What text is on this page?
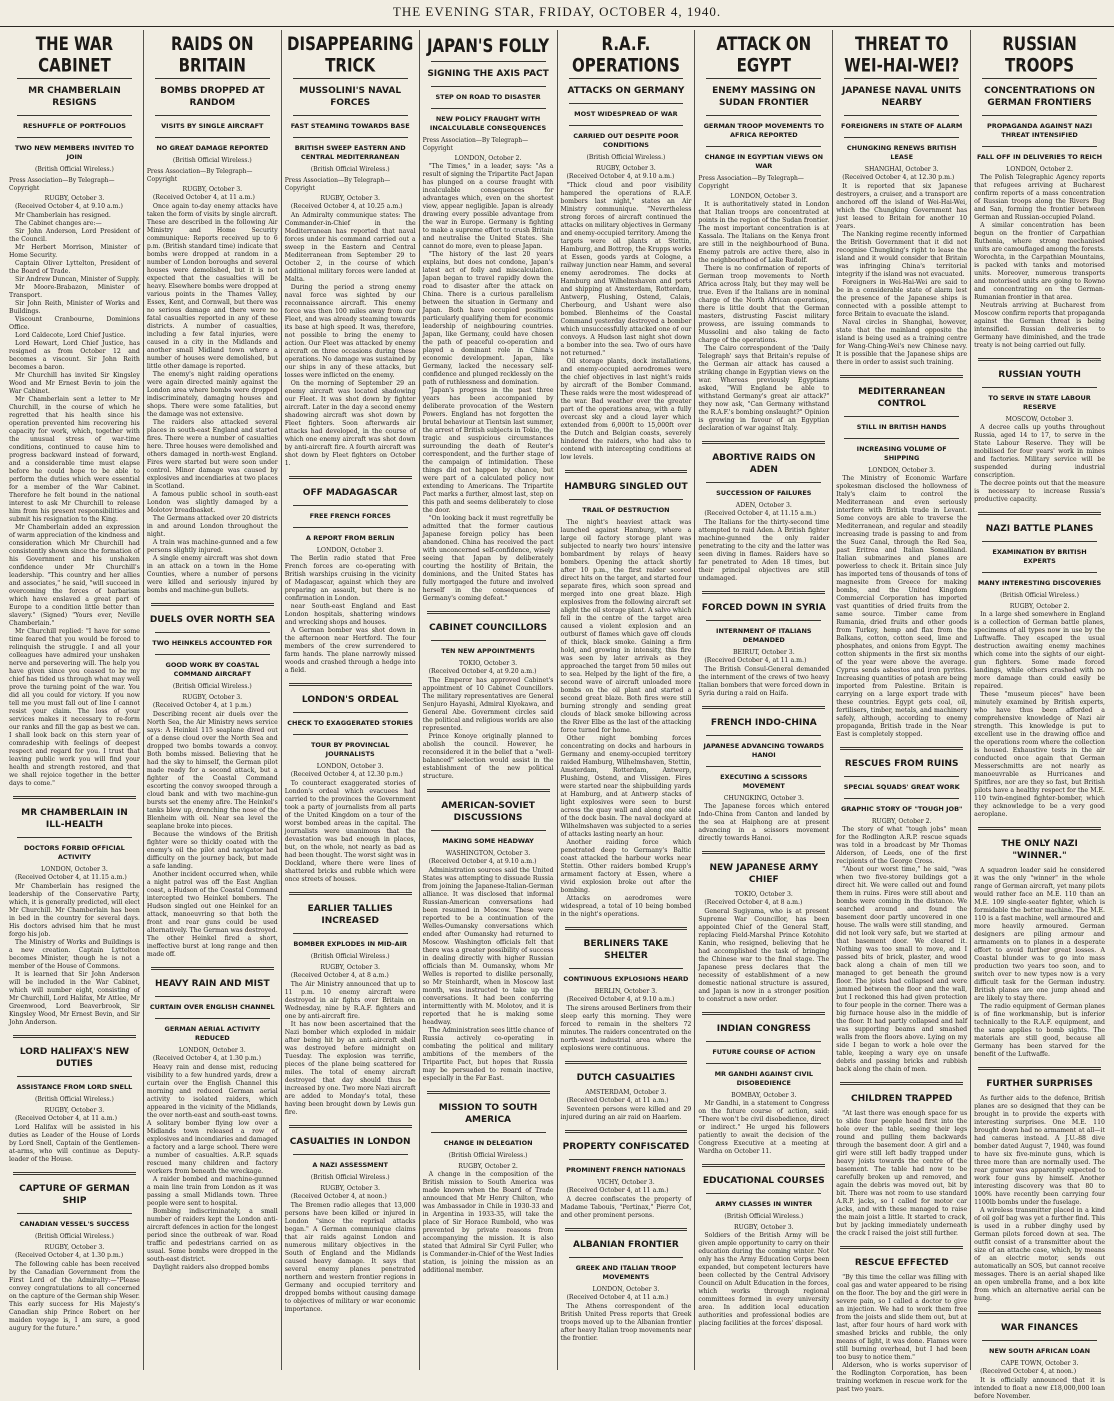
THE EVENING STAR, FRIDAY, OCTOBER 4, 1940.
THE WAR CABINET
MR CHAMBERLAIN RESIGNS
RESHUFFLE OF PORTFOLIOS
TWO NEW MEMBERS INVITED TO JOIN
(British Official Wireless.)
Press Association—By Telegraph—Copyright
RUGBY, October 3.
(Received October 4, at 9.10 a.m.)

Mr Chamberlain has resigned.

The Cabinet changes are:—

Sir John Anderson, Lord President of the Council.

Mr Herbert Morrison, Minister of Home Security.

Captain Oliver Lyttelton, President of the Board of Trade.

Sir Andrew Duncan, Minister of Supply.

Mr Moore-Brabazon, Minister of Transport.

Sir John Reith, Minister of Works and Buildings.

Viscount Cranbourne, Dominions Office.

Lord Caldecote, Lord Chief Justice.

Lord Hewart, Lord Chief Justice, has resigned as from October 12 and becomes a viscount. Sir John Reith becomes a baron.

Mr Churchill has invited Sir Kingsley Wood and Mr Ernest Bevin to join the War Cabinet.

Mr Chamberlain sent a letter to Mr Churchill, in the course of which he regretted that his health since his operation prevented him recovering his capacity for work, which, together with the unusual stress of war-time conditions, continued to cause him to progress backward instead of forward, and a considerable time must elapse before he could hope to be able to perform the duties which were essential for a member of the War Cabinet. Therefore he felt bound in the national interest to ask Mr Churchill to release him from his present responsibilities and submit his resignation to the King.

Mr Chamberlain added an expression of warm appreciation of the kindness and consideration which Mr Churchill had consistently shown since the formation of his Government and his unshaken confidence under Mr Churchill's leadership. "This country and her allies and associates," he said, "will succeed in overcoming the forces of barbarism which have enslaved a great part of Europe to a condition little better than slavery." (Signed) "Yours ever, Neville Chamberlain."

Mr Churchill replied: "I have for some time feared that you would be forced to relinquish the struggle. I and all your colleagues have admired your unshaken nerve and persevering will. The help you have given since you ceased to be my chief has tided us through what may well prove the turning point of the war. You did all you could for victory. If you now tell me you must fall out of line I cannot resist your claim. The loss of your services makes it necessary to re-form our ranks and fill the gap as best we can. I shall look back on this stern year of comradeship with feelings of deepest respect and regard for you. I trust that leaving public work you will find your health and strength restored, and that we shall rejoice together in the better days to come."

MR CHAMBERLAIN IN ILL-HEALTH
DOCTORS FORBID OFFICIAL ACTIVITY
LONDON, October 3.
(Received October 4, at 11.15 a.m.)

Mr Chamberlain has resigned the leadership of the Conservative Party, which, it is generally predicted, will elect Mr Churchill. Mr Chamberlain has been in bed in the country for several days. His doctors advised him that he must forgo his job.

The Ministry of Works and Buildings is a new creation. Captain Lyttelton becomes Minister, though he is not a member of the House of Commons.

It is learned that Sir John Anderson will be included in the War Cabinet, which will number eight, consisting of Mr Churchill, Lord Halifax, Mr Attlee, Mr Greenwood, Lord Beaverbrook, Sir Kingsley Wood, Mr Ernest Bevin, and Sir John Anderson.

LORD HALIFAX'S NEW DUTIES
ASSISTANCE FROM LORD SNELL
(British Official Wireless.)
RUGBY, October 3.
(Received October 4, at 11 a.m.)

Lord Halifax will be assisted in his duties as Leader of the House of Lords by Lord Snell, Captain of the Gentlemen-at-arms, who will continue as Deputy-leader of the House.

CAPTURE OF GERMAN SHIP
CANADIAN VESSEL'S SUCCESS
(British Official Wireless.)
RUGBY, October 3.
(Received October 4, at 1.30 p.m.)

The following cable has been received by the Canadian Government from the First Lord of the Admiralty:—"Please convey congratulations to all concerned on the capture of the German ship Weser. This early success for His Majesty's Canadian ship Prince Robert on her maiden voyage is, I am sure, a good augury for the future."

RAIDS ON BRITAIN
BOMBS DROPPED AT RANDOM
VISITS BY SINGLE AIRCRAFT
NO GREAT DAMAGE REPORTED
(British Official Wireless.)
Press Association—By Telegraph—Copyright
RUGBY, October 3.
(Received October 4, at 11 a.m.)

Once again to-day enemy attacks have taken the form of visits by single aircraft. These are described in the following Air Ministry and Home Security communique: Reports received up to 6 p.m. (British standard time) indicate that bombs were dropped at random in a number of London boroughs and several houses were demolished, but it is not expected that the casualties will be heavy. Elsewhere bombs were dropped at various points in the Thames Valley, Essex, Kent, and Cornwall, but there was no serious damage and there were no fatal casualties reported in any of these districts. A number of casualties, including a few fatal injuries, were caused in a city in the Midlands and another small Midland town where a number of houses were demolished, but little other damage is reported.

The enemy's night raiding operations were again directed mainly against the London area where bombs were dropped indiscriminately, damaging houses and shops. There were some fatalities, but the damage was not extensive.

The raiders also attacked several places in south-east England and started fires. There were a number of casualties here. Three houses were demolished and others damaged in north-west England. Fires were started but were soon under control. Minor damage was caused by explosives and incendiaries at two places in Scotland.

A famous public school in south-east London was slightly damaged by a Molotov breadbasket.

The Germans attacked over 20 districts in and around London throughout the night.

A train was machine-gunned and a few persons slightly injured.

A single enemy aircraft was shot down in an attack on a town in the Home Counties, where a number of persons were killed and seriously injured by bombs and machine-gun bullets.

DUELS OVER NORTH SEA
TWO HEINKELS ACCOUNTED FOR
GOOD WORK BY COASTAL COMMAND AIRCRAFT
(British Official Wireless.)
RUGBY, October 3.
(Received October 4, at 1 p.m.)

Describing recent air duels over the North Sea, the Air Ministry news service says: A Heinkel 115 seaplane dived out of a dense cloud over the North Sea and dropped two bombs towards a convoy. Both bombs missed. Believing that he had the sky to himself, the German pilot made ready for a second attack, but a fighter of the Coastal Command escorting the convoy swooped through a cloud bank and with two machine-gun bursts set the enemy afire. The Heinkel's tanks blew up, drenching the nose of the Blenheim with oil. Near sea level the seaplane broke into pieces.

Because the windows of the British fighter were so thickly coated with the enemy's oil the pilot and navigator had difficulty on the journey back, but made a safe landing.

Another incident occurred when, while a night patrol was off the East Anglian coast, a Hudson of the Coastal Command intercepted two Heinkel bombers. The Hudson singled out one Heinkel for an attack, manoeuvring so that both the front and rear guns could be used alternatively. The German was destroyed. The other Heinkel fired a short, ineffective burst at long range and then made off.

HEAVY RAIN AND MIST
CURTAIN OVER ENGLISH CHANNEL
GERMAN AERIAL ACTIVITY REDUCED
LONDON, October 3.
(Received October 4, at 1.30 p.m.)

Heavy rain and dense mist, reducing visibility to a few hundred yards, drew a curtain over the English Channel this morning and reduced German aerial activity to isolated raiders, which appeared in the vicinity of the Midlands, the over north-east and south-east towns. A solitary bomber flying low over a Midlands town released a row of explosives and incendiaries and damaged a factory and a large school. There were a number of casualties. A.R.P. squads rescued many children and factory workers from beneath the wreckage.

A raider bombed and machine-gunned a main line train from London as it was passing a small Midlands town. Three people were sent to hospital.

Bombing indiscriminately, a small number of raiders kept the London anti-aircraft defences in action for the longest period since the outbreak of war. Road traffic and pedestrians carried on as usual. Some bombs were dropped in the south-east district.

Daylight raiders also dropped bombs

DISAPPEARING TRICK
MUSSOLINI'S NAVAL FORCES
FAST STEAMING TOWARDS BASE
BRITISH SWEEP EASTERN AND CENTRAL MEDITERRANEAN
(British Official Wireless.)
Press Association—By Telegraph—Copyright
RUGBY, October 3.
(Received October 4, at 10.25 a.m.)

An Admiralty communique states: The Commander-in-Chief in the Mediterranean has reported that naval forces under his command carried out a sweep in the Eastern and Central Mediterranean from September 29 to October 2, in the course of which additional military forces were landed at Malta.

During the period a strong enemy naval force was sighted by our reconnaissance aircraft. This enemy force was then 100 miles away from our Fleet, and was already steaming towards its base at high speed. It was, therefore, not possible to bring the enemy to action. Our Fleet was attacked by enemy aircraft on three occasions during these operations. No damage was sustained by our ships in any of these attacks, but losses were inflicted on the enemy.

On the morning of September 29 an enemy aircraft was located shadowing our Fleet. It was shot down by fighter aircraft. Later in the day a second enemy shadowing aircraft was shot down by Fleet fighters. Soon afterwards air attacks had developed, in the course of which one enemy aircraft was shot down by anti-aircraft fire. A fourth aircraft was shot down by Fleet fighters on October 1.

OFF MADAGASCAR
FREE FRENCH FORCES
A REPORT FROM BERLIN
LONDON, October 3.

The Berlin radio stated that Free French forces are co-operating with British warships cruising in the vicinity of Madagascar, against which they are preparing an assault, but there is no confirmation in London.

near South-east England and East London hospitals, shattering windows and wrecking shops and houses.

A German bomber was shot down in the afternoon near Hertford. The four members of the crew surrendered to farm hands. The plane narrowly missed woods and crashed through a hedge into a field.

LONDON'S ORDEAL
CHECK TO EXAGGERATED STORIES
TOUR BY PROVINCIAL JOURNALISTS
LONDON, October 3.
(Received October 4, at 12.30 p.m.)

To counteract exaggerated stories of London's ordeal which evacuees had carried to the provinces the Government took a party of journalists from all parts of the United Kingdom on a tour of the worst bombed areas in the capital. The journalists were unanimous that the devastation was bad enough in places, but, on the whole, not nearly as bad as had been thought. The worst sight was in Dockland, where there were lines of shattered bricks and rubble which were once streets of houses.

EARLIER TALLIES INCREASED
BOMBER EXPLODES IN MID-AIR
(British Official Wireless.)
RUGBY, October 3.
(Received October 4, at 8 a.m.)

The Air Ministry announced that up to 11 p.m. 10 enemy aircraft were destroyed in air fights over Britain on Wednesday, nine by R.A.F. fighters and one by anti-aircraft fire.

It has now been ascertained that the Nazi bomber which exploded in midair after being hit by an anti-aircraft shell was destroyed before midnight on Tuesday. The explosion was terrific, pieces of the plane being scattered for miles. The total of enemy aircraft destroyed that day should thus be increased by one. Two more Nazi aircraft are added to Monday's total, these having been brought down by Lewis gun fire.

CASUALTIES IN LONDON
A NAZI ASSESSMENT
(British Official Wireless.)
RUGBY, October 3.
(Received October 4, at noon.)

The Bremen radio alleges that 13,000 persons have been killed or injured in London "since the reprisal attacks began." A German communique claims that air raids against London and numerous military objectives in the South of England and the Midlands caused heavy damage. It says that several enemy planes penetrated northern and western frontier regions in Germany and occupied territory and dropped bombs without causing damage to objectives of military or war economic importance.

JAPAN'S FOLLY
SIGNING THE AXIS PACT
STEP ON ROAD TO DISASTER
NEW POLICY FRAUGHT WITH INCALCULABLE CONSEQUENCES
Press Association—By Telegraph—Copyright
LONDON, October 2.

"The Times," in a leader, says: "As a result of signing the Tripartite Pact Japan has plunged on a course fraught with incalculable consequences for advantages which, even on the shortest view, appear negligible. Japan is already drawing every possible advantage from the war in Europe. Germany is fighting to make a supreme effort to crush Britain and neutralise the United States. She cannot do more, even to please Japan.

"The history of the last 20 years explains, but does not condone, Japan's latest act of folly and miscalculation. Japan began to travel rapidly down the road to disaster after the attack on China. There is a curious parallelism between the situation in Germany and Japan. Both have occupied positions particularly qualifying them for economic leadership of neighbouring countries. Japan, like Germany, could have chosen the path of peaceful co-operation and played a dominant role in China's economic development. Japan, like Germany, lacked the necessary self-confidence and plunged recklessly on the path of ruthlessness and domination.

"Japan's progress in the past three years has been accompanied by deliberate provocation of the Western Powers. England has not forgotten the brutal behaviour at Tientsin last summer, the arrest of British subjects in Tokio, the tragic and suspicious circumstances surrounding the death of Reuter's correspondent, and the further stage of the campaign of intimidation. These things did not happen by chance, but were part of a calculated policy now extending to Americans. The Tripartite Pact marks a further, almost last, step on this path and seems deliberately to close the door.

"On looking back it must regretfully be admitted that the former cautious Japanese foreign policy has been abandoned. China has received the pact with unconcerned self-confidence, wisely seeing that Japan by deliberately courting the hostility of Britain, the dominions, and the United States has fully mortgaged the future and involved herself in the consequences of Germany's coming defeat."

CABINET COUNCILLORS
TEN NEW APPOINTMENTS
TOKIO, October 3.
(Received October 4, at 9.20 a.m.)

The Emperor has approved Cabinet's appointment of 10 Cabinet Councillors. The military representatives are General Senjuro Hayashi, Admiral Kiyokawa, and General Abe. Government circles said the political and religious worlds are also represented.

Prince Konoye originally planned to abolish the council. However, he reconsidered it in the belief that a "well-balanced" selection would assist in the establishment of the new political structure.

AMERICAN-SOVIET DISCUSSIONS
MAKING SOME HEADWAY
WASHINGTON, October 3.
(Received October 4, at 9.10 a.m.)

Administration sources said the United States was attempting to dissuade Russia from joining the Japanese-Italian-German alliance. It was disclosed that informal Russian-American conversations had been resumed in Moscow. These were reported to be a continuation of the Welles-Oumansky conversations which ended after Oumansky had returned to Moscow. Washington officials felt that there was a greater possibility of success in dealing directly with higher Russian officials than M. Oumansky, whom Mr Welles is reported to dislike personally, so Mr Steinhardt, when in Moscow last month, was instructed to take up the conversations. It had been conferring intermittently with M. Molotov, and it is reported that he is making some headway.

The Administration sees little chance of Russia actively co-operating in combating the political and military ambitions of the members of the Tripartite Pact, but hopes that Russia may be persuaded to remain inactive, especially in the Far East.

MISSION TO SOUTH AMERICA
CHANGE IN DELEGATION
(British Official Wireless.)
RUGBY, October 2.

A change in the composition of the British mission to South America was made known when the Board of Trade announced that Mr Henry Chilton, who was Ambassador in Chile in 1930-33 and in Argentina in 1933-35, will take the place of Sir Horace Rumbold, who was prevented by private reasons from accompanying the mission. It is also stated that Admiral Sir Cyril Fuller, who is Commander-in-Chief of the West Indies station, is joining the mission as an additional member.

R.A.F. OPERATIONS
ATTACKS ON GERMANY
MOST WIDESPREAD OF WAR
CARRIED OUT DESPITE POOR CONDITIONS
(British Official Wireless.)
RUGBY, October 3.
(Received October 4, at 9.10 a.m.)

"Thick cloud and poor visibility hampered the operations of R.A.F. bombers last night," states an Air Ministry communique. "Nevertheless strong forces of aircraft continued the attacks on military objectives in Germany and enemy-occupied territory. Among the targets were oil plants at Stettin, Hamburg, and Bottrop, the Krupps works at Essen, goods yards at Cologne, a railway junction near Hamm, and several enemy aerodromes. The docks at Hamburg and Wilhelmshaven and ports and shipping at Amsterdam, Rotterdam, Antwerp, Flushing, Ostend, Calais, Cherbourg, and Ushant were also bombed. Blenheims of the Coastal Command yesterday destroyed a bomber which unsuccessfully attacked one of our convoys. A Hudson last night shot down a bomber into the sea. Two of ours have not returned."

Oil storage plants, dock installations, and enemy-occupied aerodromes were the chief objectives in last night's raids by aircraft of the Bomber Command. These raids were the most widespread of the war. Bad weather over the greater part of the operations area, with a fully overcast sky and a cloud layer which extended from 6,000ft to 15,000ft over the Dutch and Belgian coasts, severely hindered the raiders, who had also to contend with intercepting conditions at low levels.

HAMBURG SINGLED OUT
TRAIL OF DESTRUCTION

The night's heaviest attack was launched against Hamburg, where a large oil factory storage plant was subjected to nearly two hours' intensive bombardment by relays of heavy bombers. Opening the attack shortly after 10 p.m., the first raider scored direct hits on the target, and started four separate fires, which soon spread and merged into one great blaze. High explosives from the following aircraft set alight the oil storage plant. A salvo which fell in the centre of the target area caused a violent explosion and an outburst of flames which gave off clouds of thick, black smoke. Gaining a firm hold, and growing in intensity, this fire was seen by later arrivals as they approached the target from 50 miles out to sea. Helped by the light of the fire, a second wave of aircraft unloaded more bombs on the oil plant and started a second great blaze. Both fires were still burning strongly and sending great clouds of black smoke billowing across the River Elbe as the last of the attacking force turned for home.

Other night bombing forces concentrating on docks and harbours in Germany and enemy-occupied territory raided Hamburg, Wilhelmshaven, Stettin, Amsterdam, Rotterdam, Antwerp, Flushing, Ostend, and Vlissigen. Fires were started near the shipbuilding yards at Hamburg, and at Antwerp stacks of light explosives were seen to burst across the quay wall and along one side of the dock basin. The naval dockyard at Wilhelmshaven was subjected to a series of attacks lasting nearly an hour.

Another raiding force which penetrated deep to Germany's Baltic coast attacked the harbour works near Stettin. Other raiders bombed Krupp's armament factory at Essen, where a vivid explosion broke out after the bombing.

Attacks on aerodromes were widespread, a total of 10 being bombed in the night's operations.

BERLINERS TAKE SHELTER
CONTINUOUS EXPLOSIONS HEARD
BERLIN, October 3.
(Received October 4, at 9.10 a.m.)

The sirens aroused Berliners from their sleep early this morning. They were forced to remain in the shelters 72 minutes. The raiders concentrated on the north-west industrial area where the explosions were continuous.

DUTCH CASUALTIES
AMSTERDAM, October 3.
(Received October 4, at 11 a.m.)

Seventeen persons were killed and 29 injured during an air raid on Haarlem.

PROPERTY CONFISCATED
PROMINENT FRENCH NATIONALS
VICHY, October 3.
(Received October 4, at 11 a.m.)

A decree confiscates the property of Madame Tabouis, "Pertinax," Pierre Cot, and other prominent persons.

ALBANIAN FRONTIER
GREEK AND ITALIAN TROOP MOVEMENTS
LONDON, October 3.
(Received October 4, at 11 a.m.)

The Athens correspondent of the British United Press reports that Greek troops moved up to the Albanian frontier after heavy Italian troop movements near the frontier.

ATTACK ON EGYPT
ENEMY MASSING ON SUDAN FRONTIER
GERMAN TROOP MOVEMENTS TO AFRICA REPORTED
CHANGE IN EGYPTIAN VIEWS ON WAR
Press Association—By Telegraph—Copyright
LONDON, October 3.

It is authoritatively stated in London that Italian troops are concentrated at points in the region of the Sudan frontier. The most important concentration is at Kassala. The Italians on the Kenya front are still in the neighbourhood of Buna. Enemy patrols are active there, also in the neighbourhood of Lake Rudolf.

There is no confirmation of reports of German troop movements to North Africa across Italy, but they may well be true. Even if the Italians are in nominal charge of the North African operations, there is little doubt that the German masters, distrusting Fascist military prowess, are issuing commands to Mussolini and also taking de facto charge of the operations.

The Cairo correspondent of the 'Daily Telegraph' says that Britain's repulse of the German air attack has caused a striking change in Egyptian views on the war. Whereas previously Egyptians asked, "Will England be able to withstand Germany's great air attack?" they now ask, "Can Germany withstand the R.A.F.'s bombing onslaught?" Opinion is growing in favour of an Egyptian declaration of war against Italy.

ABORTIVE RAIDS ON ADEN
SUCCESSION OF FAILURES
ADEN, October 3.
(Received October 4, at 11.15 a.m.)

The Italians for the thirty-second time attempted to raid Aden. A British fighter machine-gunned the only raider penetrating to the city and the latter was seen diving in flames. Raiders have so far penetrated to Aden 18 times, but their principal objectives are still undamaged.

FORCED DOWN IN SYRIA
INTERNMENT OF ITALIANS DEMANDED
BEIRUT, October 3.
(Received October 4, at 11 a.m.)

The British Consul-General demanded the internment of the crews of two heavy Italian bombers that were forced down in Syria during a raid on Haifa.

FRENCH INDO-CHINA
JAPANESE ADVANCING TOWARDS HANOI
EXECUTING A SCISSORS MOVEMENT
CHUNGKING, October 3.

The Japanese forces which entered Indo-China from Canton and landed by the sea at Haiphong are at present advancing in a scissors movement directly towards Hanoi.

NEW JAPANESE ARMY CHIEF
TOKIO, October 3.
(Received October 4, at 8 a.m.)

General Sugiyama, who is at present Supreme War Councillor, has been appointed Chief of the General Staff, replacing Field-Marshal Prince Kotohito Kanin, who resigned, believing that he had accomplished the task of bringing the Chinese war to the final stage. The Japanese press declares that the necessity of establishment of a new domestic national structure is assured, and Japan is now in a stronger position to construct a new order.

INDIAN CONGRESS
FUTURE COURSE OF ACTION
MR GANDHI AGAINST CIVIL DISOBEDIENCE
BOMBAY, October 3.

Mr Gandhi, in a statement to Congress on the future course of action, said: "There won't be civil disobedience, direct or indirect." He urged his followers patiently to await the decision of the Congress Executive at a meeting at Wardha on October 11.

EDUCATIONAL COURSES
ARMY CLASSES IN WINTER
(British Official Wireless.)
RUGBY, October 3.

Soldiers of the British Army will be given ample opportunity to carry on their education during the coming winter. Not only has the Army Education Corps been expanded, but competent lecturers have been collected by the Central Advisory Council on Adult Education in the forces, which works through regional committees formed in every university area. In addition local education authorities and professional bodies are placing facilities at the forces' disposal.

THREAT TO WEI-HAI-WEI?
JAPANESE NAVAL UNITS NEARBY
FOREIGNERS IN STATE OF ALARM
CHUNGKING RENEWS BRITISH LEASE
SHANGHAI, October 3.
(Received October 4, at 12.30 p.m.)

It is reported that six Japanese destroyers, a cruiser, and a transport are anchored off the island of Wei-Hai-Wei, which the Chungking Government has just leased to Britain for another 10 years.

The Nanking regime recently informed the British Government that it did not recognise Chungking's right to lease the island and it would consider that Britain was infringing China's territorial integrity if the island was not evacuated.

Foreigners in Wei-Hai-Wei are said to be in a considerable state of alarm lest the presence of the Japanese ships is connected with a possible attempt to force Britain to evacuate the island.

Naval circles in Shanghai, however, state that the mainland opposite the island is being used as a training centre for Wang-Ching-Wei's new Chinese navy. It is possible that the Japanese ships are there in order to assist such training.

MEDITERRANEAN CONTROL
STILL IN BRITISH HANDS
INCREASING VOLUME OF SHIPPING
LONDON, October 3.

The Ministry of Economic Warfare spokesman disclosed the hollowness of Italy's claim to control the Mediterranean and even seriously interfere with British trade in Levant. Some convoys are able to traverse the Mediterranean, and regular and steadily increasing trade is passing to and from the Suez Canal, through the Red Sea, past Eritrea and Italian Somaliland. Italian submarines and planes are powerless to check it. Britain since July has imported tens of thousands of tons of magnesite from Greece for making bombs, and the United Kingdom Commercial Corporation has imported vast quantities of dried fruits from the same source. Timber came from Rumania, dried fruits and other goods from Turkey, hemp and flax from the Balkans, cotton, cotton seed, lime and phosphates, and onions from Egypt. The cotton shipments in the first six months of the year were above the average. Cyprus sends asbestos and iron pyrites. Increasing quantities of potash are being imported from Palestine. Britain is carrying on a large export trade with these countries. Egypt gets coal, oil, fertilisers, timber, metals, and machinery safely, although, according to enemy propaganda, British trade in the Near East is completely stopped.

RESCUES FROM RUINS
SPECIAL SQUADS' GREAT WORK
GRAPHIC STORY OF "TOUGH JOB"
RUGBY, October 2.

The story of what "tough jobs" mean for the Rodlington A.R.P. rescue squads was told in a broadcast by Mr Thomas Alderson, of Leeds, one of the first recipients of the George Cross.

"About our worst time," he said, "was when two five-storey buildings got a direct hit. We were called out and found them in ruins. Fires were still about and bombs were coming in the distance. We searched around and found the basement door partly uncovered in one house. The walls were still standing, and did not look very safe, but we started at that basement door. We cleared it. Nothing was too small to move, and I passed bits of brick, plaster, and wood back along a chain of men till we managed to get beneath the ground floor. The joists had collapsed and were jammed between the floor and the wall, but I reckoned this had given protection to four people in the corner. There was a big furnace house also in the middle of the floor. It had partly collapsed and half was supporting beams and smashed walls from the floors above. Lying on my side I began to work a hole over the table, keeping a wary eye on unsafe debris and passing bricks and rubbish back along the chain of men.

CHILDREN TRAPPED

"At last there was enough space for us to slide four people head first into the hole over the table, seeing their legs round and pulling them backwards through the basement door. A girl and a girl were still left badly trapped under heavy joists towards the centre of the basement. The table had now to be carefully broken up and removed, and again the debris was moved out, bit by bit. There was not room to use standard A.R.P. jacks, so I called for motor car jacks, and with these managed to raise the main joist a little. It started to crack, but by jacking immediately underneath the crack I raised the joist still further.

RESCUE EFFECTED

"By this time the cellar was filling with coal gas and water appeared to be rising on the floor. The boy and the girl were in severe pain, so I called a doctor to give an injection. We had to work them free from the joists and slide them out, but at last, after four hours of hard work with smashed bricks and rubble, the only means of light, it was done. Flames were still burning overhead, but I had been too busy to notice them."

Alderson, who is works supervisor of the Rodlington Corporation, has been training workmen in rescue work for the past two years.

RUSSIAN TROOPS
CONCENTRATIONS ON GERMAN FRONTIERS
PROPAGANDA AGAINST NAZI THREAT INTENSIFIED
FALL OFF IN DELIVERIES TO REICH
LONDON, October 2.

The Polish Telegraphic Agency reports that refugees arriving at Bucharest confirm reports of a mass concentration of Russian troops along the Rivers Bug and San, forming the frontier between German and Russian-occupied Poland.

A similar concentration has been begun on the frontier of Carpathian Ruthenia, where strong mechanised units are camouflaged among the forests. Worochta, in the Carpathian Mountains, is packed with tanks and motorised units. Moreover, numerous transports and motorised units are going to Rowno and concentrating on the German-Rumanian frontier in that area.

Neutrals arriving at Bucharest from Moscow confirm reports that propaganda against the German threat is being intensified. Russian deliveries to Germany have diminished, and the trade treaty is not being carried out fully.

RUSSIAN YOUTH
TO SERVE IN STATE LABOUR RESERVE
MOSCOW, October 3.

A decree calls up youths throughout Russia, aged 14 to 17, to serve in the State Labour Reserve. They will be mobilised for four years' work in mines and factories. Military service will be suspended during industrial conscription.

The decree points out that the measure is necessary to increase Russia's productive capacity.

NAZI BATTLE PLANES
EXAMINATION BY BRITISH EXPERTS
MANY INTERESTING DISCOVERIES
(British Official Wireless.)
RUGBY, October 2.

In a large shed somewhere in England is a collection of German battle planes, specimens of all types now in use by the Luftwaffe. They escaped the usual destruction awaiting enemy machines which come into the sights of our eight-gun fighters. Some made forced landings, while others crashed with no more damage than could easily be repaired.

These "museum pieces" have been minutely examined by British experts, who have thus been afforded a comprehensive knowledge of Nazi air strength. This knowledge is put to excellent use in the drawing office and the operations room where the collection is housed. Exhaustive tests in the air conducted once again that German Messerschmitts are not nearly as manoeuvrable as Hurricanes and Spitfires, nor are they so fast, but British pilots have a healthy respect for the M.E. 110 twin-engined fighter-bomber, which they acknowledge to be a very good aeroplane.

THE ONLY NAZI "WINNER."

A squadron leader said he considered it was the only "winner" in the whole range of German aircraft, yet many pilots would rather face an M.E. 110 than an M.E. 109 single-seater fighter, which is formidable the better machine. The M.E. 110 is a fast machine, well armoured and more heavily armoured. German designers are piling armour and armaments on to planes in a desperate effort to avoid further great losses. A Coastal blunder was to go into mass production two years too soon, and to switch over to new types now is a very difficult task for the German industry. British planes are one jump ahead and are likely to stay there.

The radio equipment of German planes is of fine workmanship, but is inferior technically to the R.A.F. equipment, and the same applies to bomb sights. The materials are still good, because all Germany has been starved for the benefit of the Luftwaffe.

FURTHER SURPRISES

As further aids to the defence, British planes are so designed that they can be brought in to provide the experts with interesting surprises. One M.E. 110 brought down had no armament at all—it had cameras instead. A J.U.-88 dive bomber dated August 7, 1940, was found to have six five-minute guns, which is three more than are normally used. The rear gunner was apparently expected to work four guns by himself. Another interesting discovery was that 80 to 100% have recently been carrying four 1100lb bombs under the fuselage.

A wireless transmitter placed in a kind of oil golf bag was yet a further find. This is used in a rubber dinghy used by German pilots forced down at sea. The outfit consist of a transmitter about the size of an attache case, which, by means of an electric motor, sends out automatically an SOS, but cannot receive messages. There is an aerial shaped like an open umbrella frame, and a box kite from which an alternative aerial can be hung.

WAR FINANCES
NEW SOUTH AFRICAN LOAN
CAPE TOWN, October 3.
(Received October 4, at noon.)

It is officially announced that it is intended to float a new £18,000,000 loan before November.
